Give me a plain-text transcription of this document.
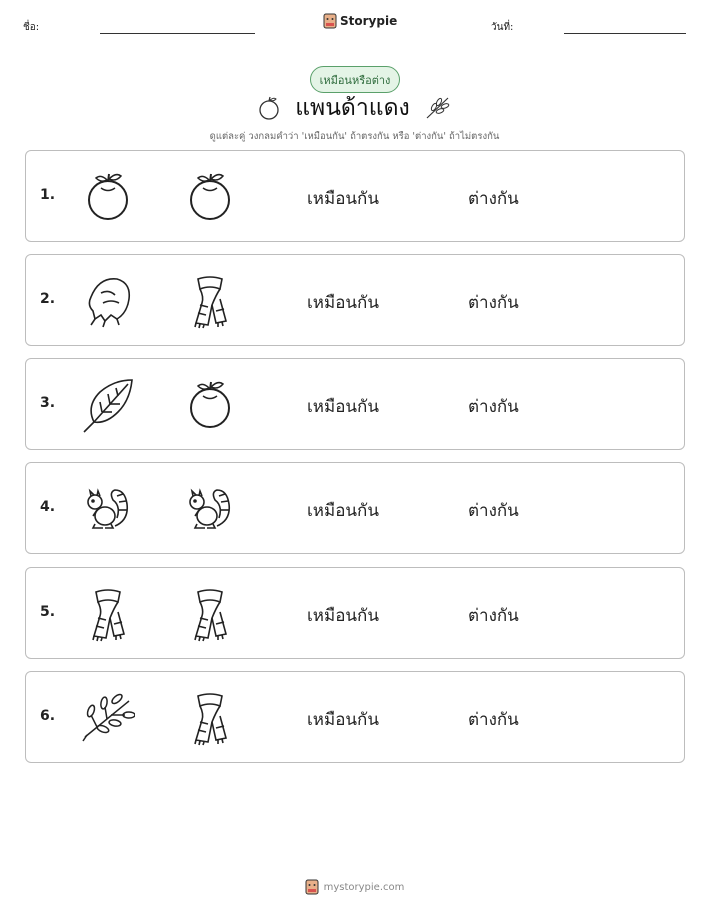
ชื่อ:	Storypie	วันที่:
เหมือนหรือต่าง
แพนด้าแดง
ดูแต่ละคู่ วงกลมคำว่า 'เหมือนกัน' ถ้าตรงกัน หรือ 'ต่างกัน' ถ้าไม่ตรงกัน
1.	เหมือนกัน	ต่างกัน
2.	เหมือนกัน	ต่างกัน
3.	เหมือนกัน	ต่างกัน
4.	เหมือนกัน	ต่างกัน
5.	เหมือนกัน	ต่างกัน
6.	เหมือนกัน	ต่างกัน
mystorypie.com
